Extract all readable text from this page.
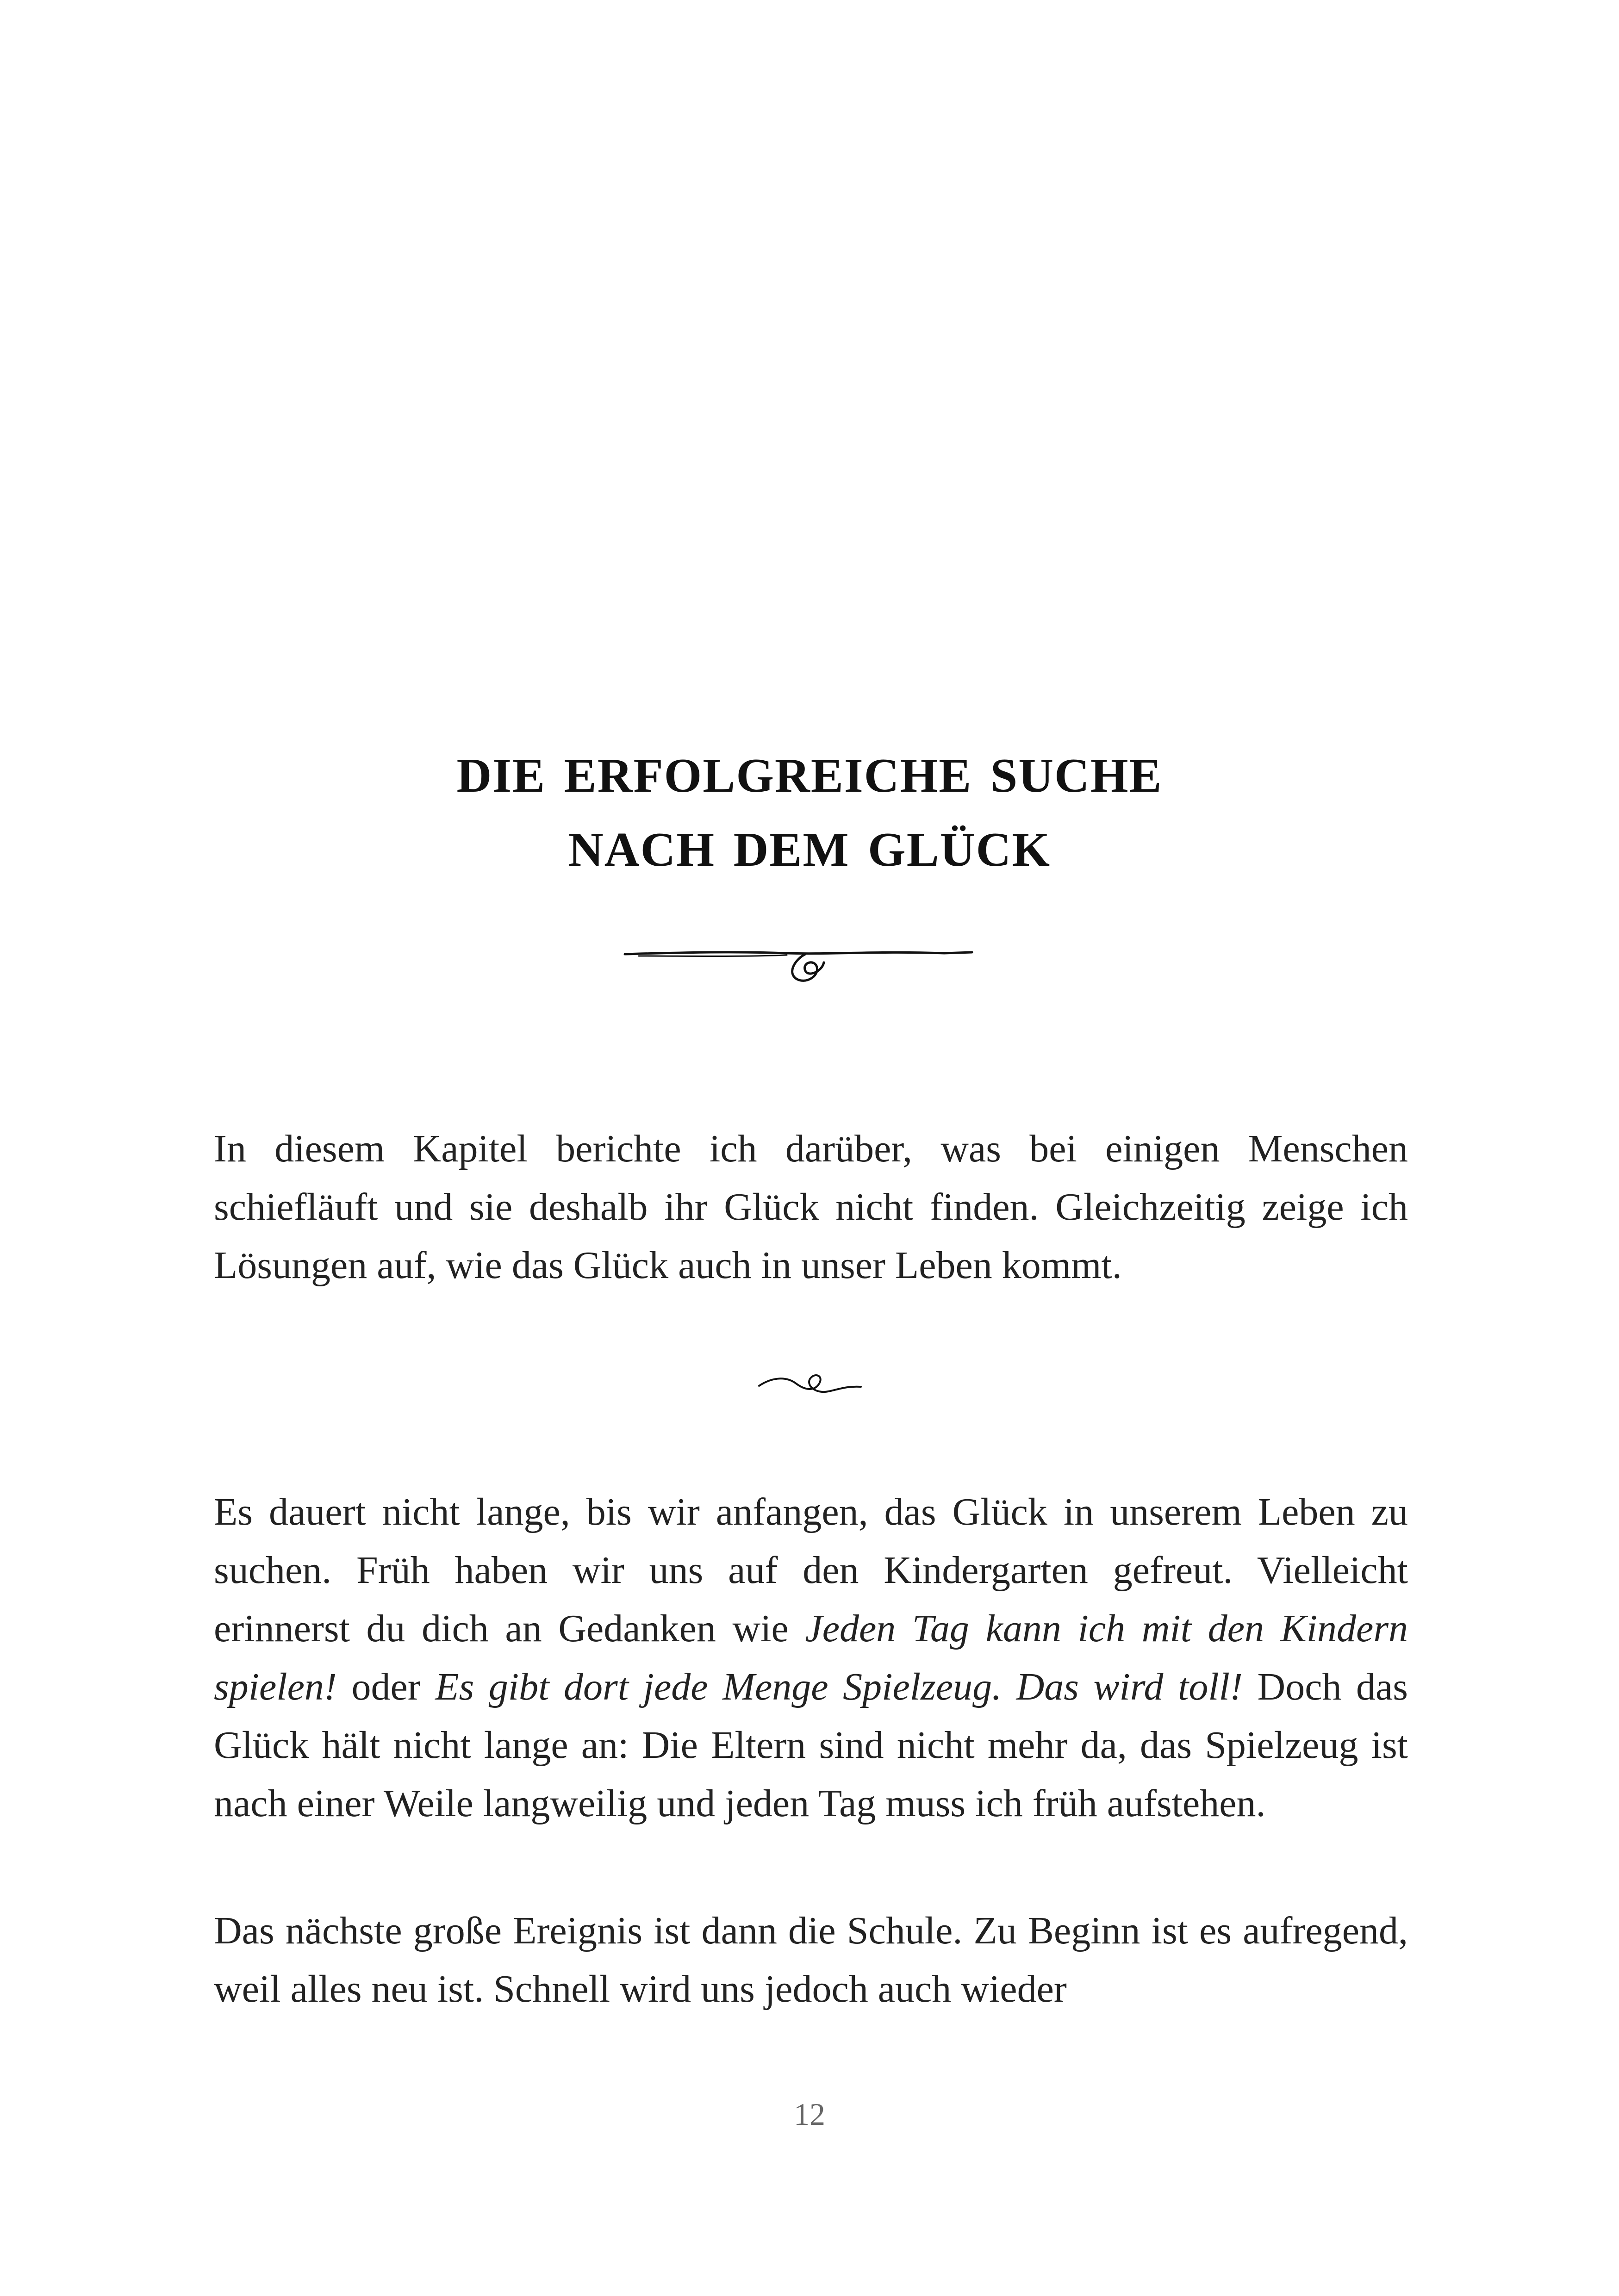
die erfolgreiche suche
nach dem glück

In diesem Kapitel berichte ich darüber, was bei einigen Menschen schiefläuft und sie deshalb ihr Glück nicht finden. Gleichzeitig zeige ich Lösungen auf, wie das Glück auch in unser Leben kommt.

Es dauert nicht lange, bis wir anfangen, das Glück in unserem Leben zu suchen. Früh haben wir uns auf den Kindergarten gefreut. Vielleicht erinnerst du dich an Gedanken wie Jeden Tag kann ich mit den Kindern spielen! oder Es gibt dort jede Menge Spielzeug. Das wird toll! Doch das Glück hält nicht lange an: Die Eltern sind nicht mehr da, das Spielzeug ist nach einer Weile langweilig und jeden Tag muss ich früh aufstehen.

Das nächste große Ereignis ist dann die Schule. Zu Beginn ist es aufregend, weil alles neu ist. Schnell wird uns jedoch auch wieder

12
